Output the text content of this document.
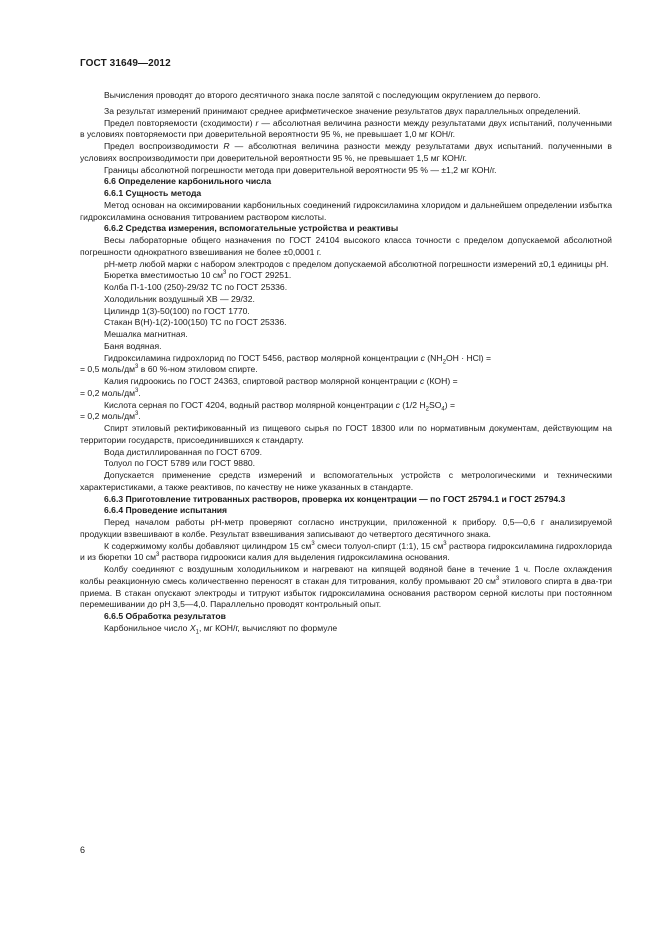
ГОСТ 31649—2012

Вычисления проводят до второго десятичного знака после запятой с последующим округлением до первого.

За результат измерений принимают среднее арифметическое значение результатов двух параллельных определений.

Предел повторяемости (сходимости) r — абсолютная величина разности между результатами двух испытаний, полученными в условиях повторяемости при доверительной вероятности 95 %, не превышает 1,0 мг КОН/г.

Предел воспроизводимости R — абсолютная величина разности между результатами двух испытаний. полученными в условиях воспроизводимости при доверительной вероятности 95 %, не превышает 1,5 мг КОН/г.

Границы абсолютной погрешности метода при доверительной вероятности 95 % — ±1,2 мг КОН/г.

6.6 Определение карбонильного числа

6.6.1 Сущность метода

Метод основан на оксимировании карбонильных соединений гидроксиламина хлоридом и дальнейшем определении избытка гидроксиламина основания титрованием раствором кислоты.

6.6.2 Средства измерения, вспомогательные устройства и реактивы

Весы лабораторные общего назначения по ГОСТ 24104 высокого класса точности с пределом допускаемой абсолютной погрешности однократного взвешивания не более ±0,0001 г.

рН-метр любой марки с набором электродов с пределом допускаемой абсолютной погрешности измерений ±0,1 единицы рН.

Бюретка вместимостью 10 $см^3$ по ГОСТ 29251.

Колба П-1-100 (250)-29/32 ТС по ГОСТ 25336.

Холодильник воздушный ХВ — 29/32.

Цилиндр 1(3)-50(100) по ГОСТ 1770.

Стакан В(Н)-1(2)-100(150) ТС по ГОСТ 25336.

Мешалка магнитная.

Баня водяная.

Гидроксиламина гидрохлорид по ГОСТ 5456, раствор молярной концентрации c $(NH_2OH \cdot HCl)$ =

= 0,5 моль/$дм^3$ в 60 %-ном этиловом спирте.

Калия гидроокись по ГОСТ 24363, спиртовой раствор молярной концентрации c (КОН) =

= 0,2 моль/$дм^3$.

Кислота серная по ГОСТ 4204, водный раствор молярной концентрации c (1/2 $H_2SO_4$) =

= 0,2 моль/$дм^3$.

Спирт этиловый ректификованный из пищевого сырья по ГОСТ 18300 или по нормативным документам, действующим на территории государств, присоединившихся к стандарту.

Вода дистиллированная по ГОСТ 6709.

Толуол по ГОСТ 5789 или ГОСТ 9880.

Допускается применение средств измерений и вспомогательных устройств с метрологическими и техническими характеристиками, а также реактивов, по качеству не ниже указанных в стандарте.

6.6.3 Приготовление титрованных растворов, проверка их концентрации — по ГОСТ 25794.1 и ГОСТ 25794.3

6.6.4 Проведение испытания

Перед началом работы рН-метр проверяют согласно инструкции, приложенной к прибору. 0,5—0,6 г анализируемой продукции взвешивают в колбе. Результат взвешивания записывают до четвертого десятичного знака.

К содержимому колбы добавляют цилиндром 15 $см^3$ смеси толуол-спирт (1:1), 15 $см^3$ раствора гидроксиламина гидрохлорида и из бюретки 10 $см^3$ раствора гидроокиси калия для выделения гидроксиламина основания.

Колбу соединяют с воздушным холодильником и нагревают на кипящей водяной бане в течение 1 ч. После охлаждения колбы реакционную смесь количественно переносят в стакан для титрования, колбу промывают 20 $см^3$ этилового спирта в два-три приема. В стакан опускают электроды и титруют избыток гидроксиламина основания раствором серной кислоты при постоянном перемешивании до рН 3,5—4,0. Параллельно проводят контрольный опыт.

6.6.5 Обработка результатов

Карбонильное число $X_1$, мг КОН/г, вычисляют по формуле

6
